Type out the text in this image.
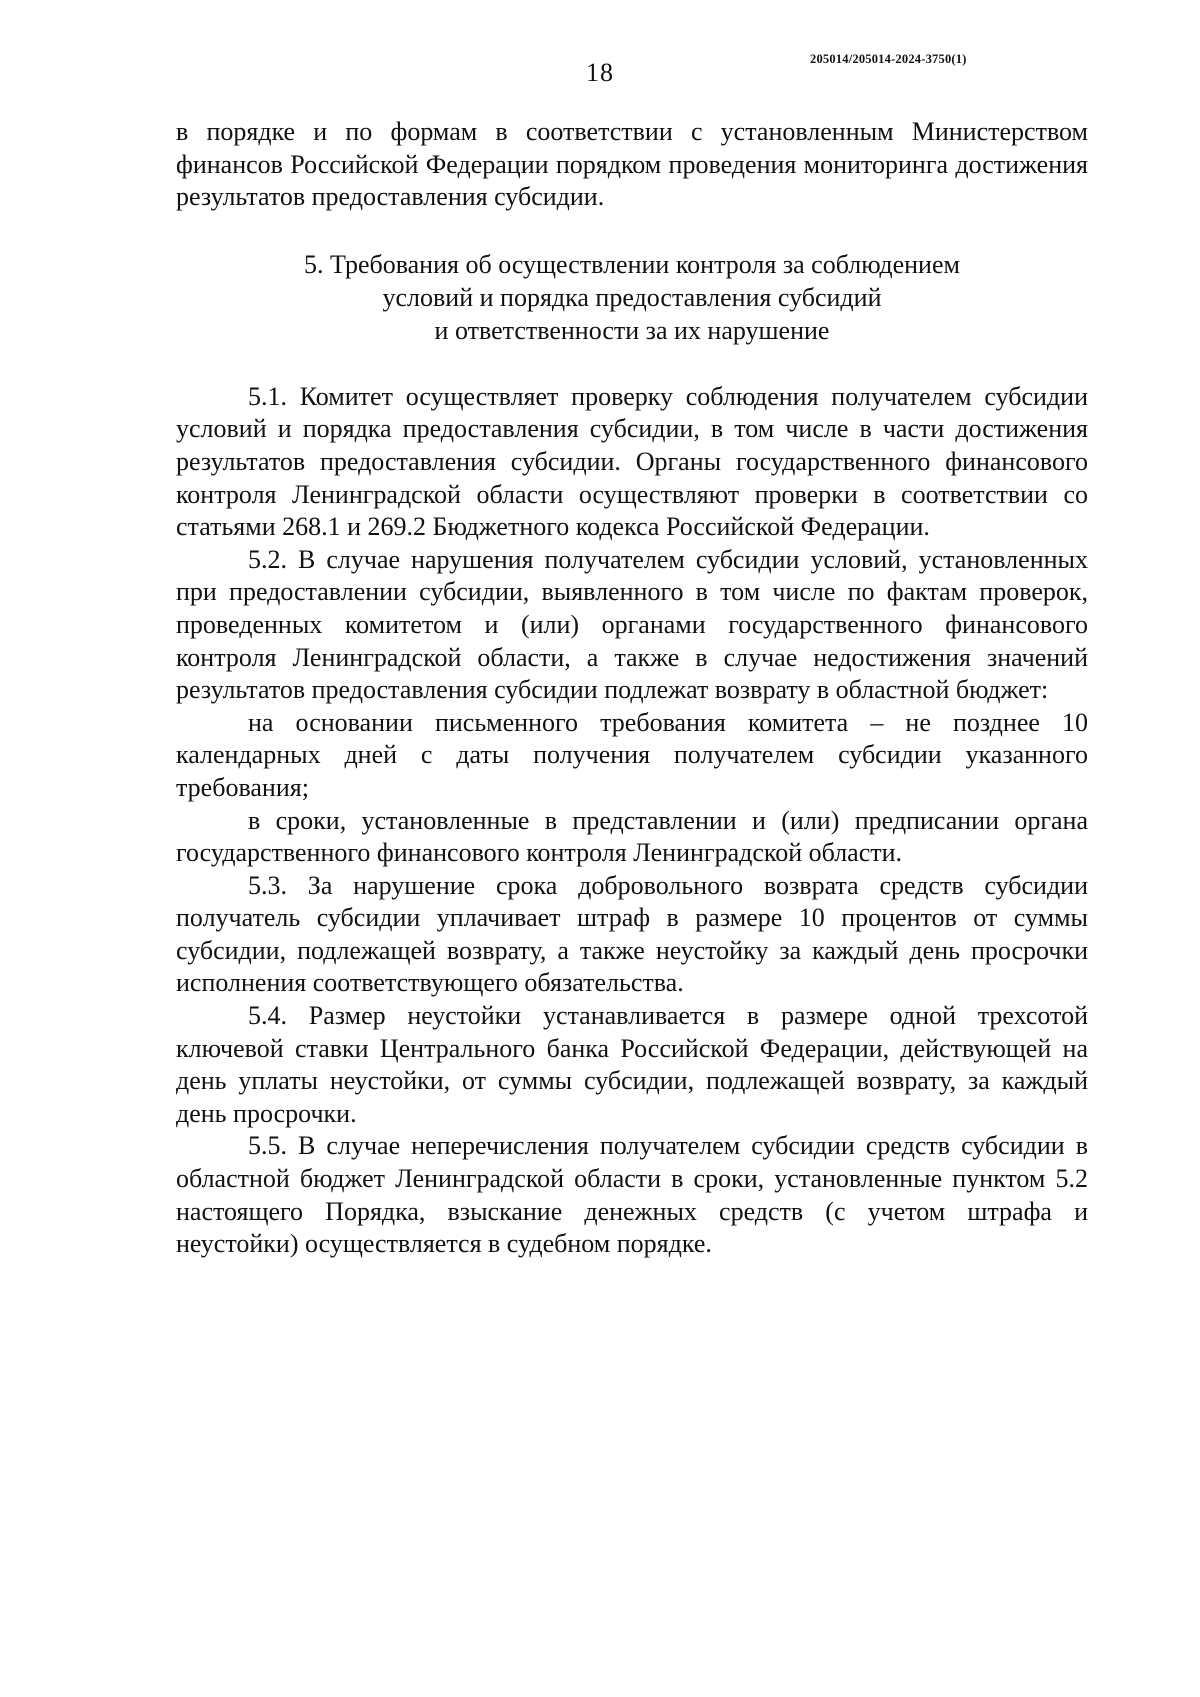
18	205014/205014-2024-3750(1)

в порядке и по формам в соответствии с установленным Министерством финансов Российской Федерации порядком проведения мониторинга достижения результатов предоставления субсидии.

5. Требования об осуществлении контроля за соблюдением
условий и порядка предоставления субсидий
и ответственности за их нарушение

5.1. Комитет осуществляет проверку соблюдения получателем субсидии условий и порядка предоставления субсидии, в том числе в части достижения результатов предоставления субсидии. Органы государственного финансового контроля Ленинградской области осуществляют проверки в соответствии со статьями 268.1 и 269.2 Бюджетного кодекса Российской Федерации.

5.2. В случае нарушения получателем субсидии условий, установленных при предоставлении субсидии, выявленного в том числе по фактам проверок, проведенных комитетом и (или) органами государственного финансового контроля Ленинградской области, а также в случае недостижения значений результатов предоставления субсидии подлежат возврату в областной бюджет:

на основании письменного требования комитета – не позднее 10 календарных дней с даты получения получателем субсидии указанного требования;

в сроки, установленные в представлении и (или) предписании органа государственного финансового контроля Ленинградской области.

5.3. За нарушение срока добровольного возврата средств субсидии получатель субсидии уплачивает штраф в размере 10 процентов от суммы субсидии, подлежащей возврату, а также неустойку за каждый день просрочки исполнения соответствующего обязательства.

5.4. Размер неустойки устанавливается в размере одной трехсотой ключевой ставки Центрального банка Российской Федерации, действующей на день уплаты неустойки, от суммы субсидии, подлежащей возврату, за каждый день просрочки.

5.5. В случае неперечисления получателем субсидии средств субсидии в областной бюджет Ленинградской области в сроки, установленные пунктом 5.2 настоящего Порядка, взыскание денежных средств (с учетом штрафа и неустойки) осуществляется в судебном порядке.
